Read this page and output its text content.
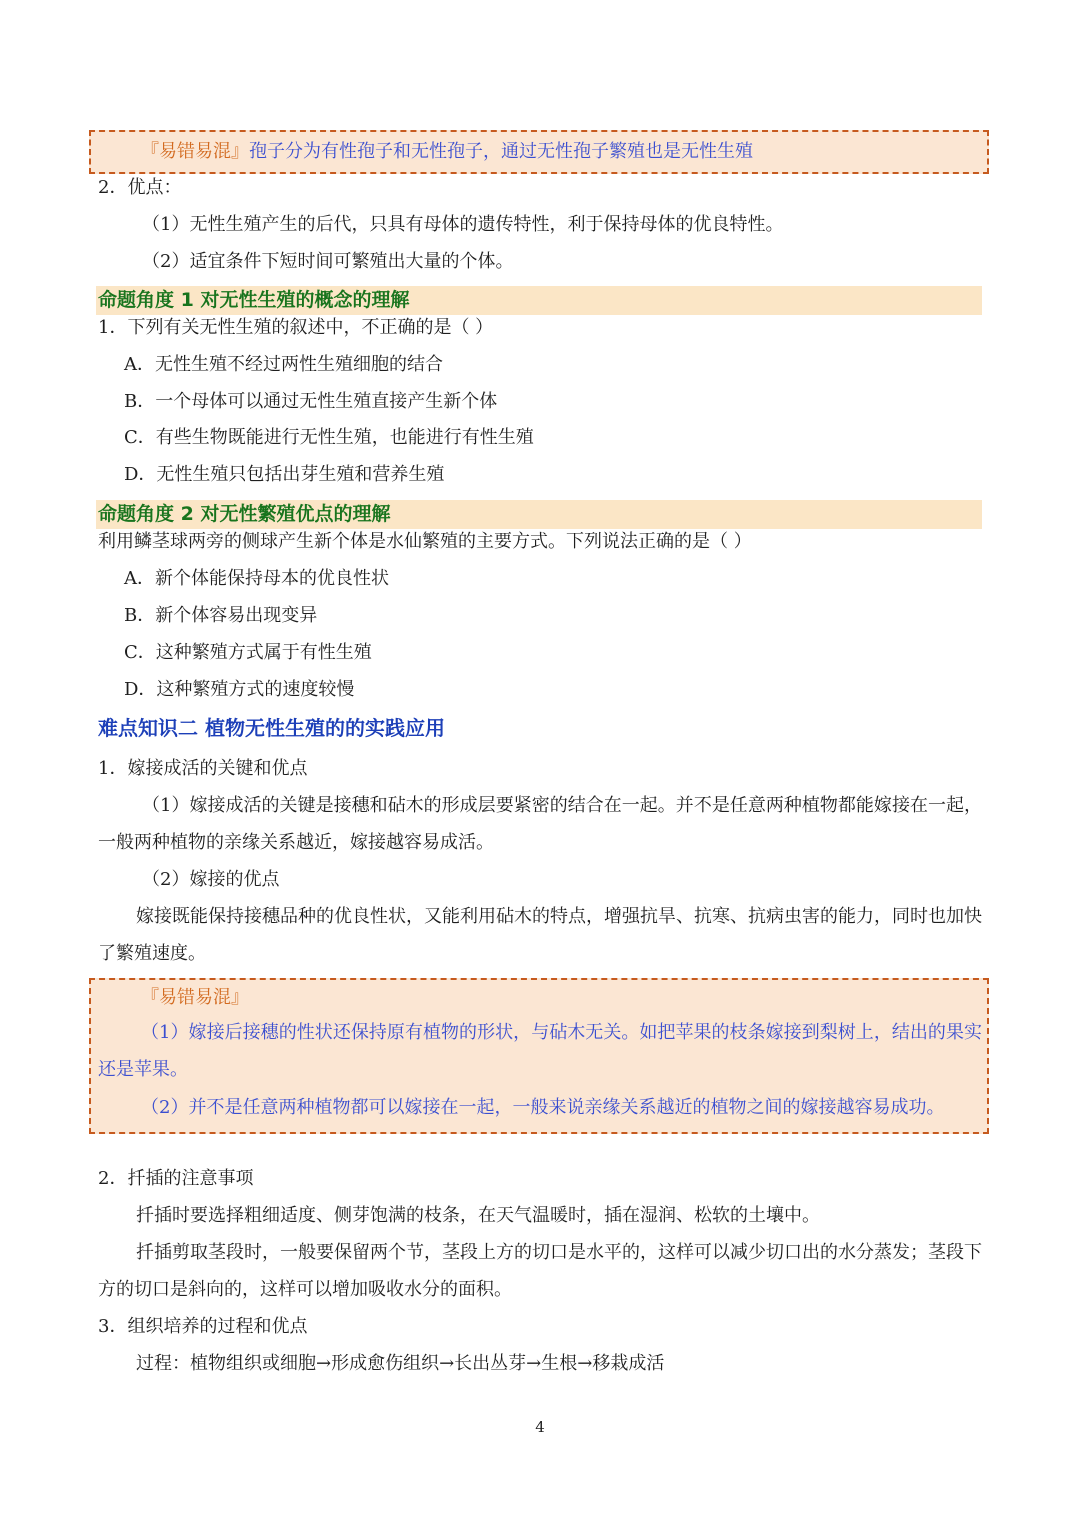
『易错易混』孢子分为有性孢子和无性孢子，通过无性孢子繁殖也是无性生殖
2．优点：
（1）无性生殖产生的后代，只具有母体的遗传特性，利于保持母体的优良特性。
（2）适宜条件下短时间可繁殖出大量的个体。
命题角度 1 对无性生殖的概念的理解
1．下列有关无性生殖的叙述中，不正确的是（ ）
A．无性生殖不经过两性生殖细胞的结合
B．一个母体可以通过无性生殖直接产生新个体
C．有些生物既能进行无性生殖，也能进行有性生殖
D．无性生殖只包括出芽生殖和营养生殖
命题角度 2 对无性繁殖优点的理解
利用鳞茎球两旁的侧球产生新个体是水仙繁殖的主要方式。下列说法正确的是（ ）
A．新个体能保持母本的优良性状
B．新个体容易出现变异
C．这种繁殖方式属于有性生殖
D．这种繁殖方式的速度较慢
难点知识二 植物无性生殖的的实践应用
1．嫁接成活的关键和优点
（1）嫁接成活的关键是接穗和砧木的形成层要紧密的结合在一起。并不是任意两种植物都能嫁接在一起，一般两种植物的亲缘关系越近，嫁接越容易成活。
（2）嫁接的优点
嫁接既能保持接穗品种的优良性状，又能利用砧木的特点，增强抗旱、抗寒、抗病虫害的能力，同时也加快了繁殖速度。
『易错易混』
（1）嫁接后接穗的性状还保持原有植物的形状，与砧木无关。如把苹果的枝条嫁接到梨树上，结出的果实还是苹果。
（2）并不是任意两种植物都可以嫁接在一起，一般来说亲缘关系越近的植物之间的嫁接越容易成功。
2．扦插的注意事项
扦插时要选择粗细适度、侧芽饱满的枝条，在天气温暖时，插在湿润、松软的土壤中。
扦插剪取茎段时，一般要保留两个节，茎段上方的切口是水平的，这样可以减少切口出的水分蒸发；茎段下方的切口是斜向的，这样可以增加吸收水分的面积。
3．组织培养的过程和优点
过程：植物组织或细胞→形成愈伤组织→长出丛芽→生根→移栽成活
4
